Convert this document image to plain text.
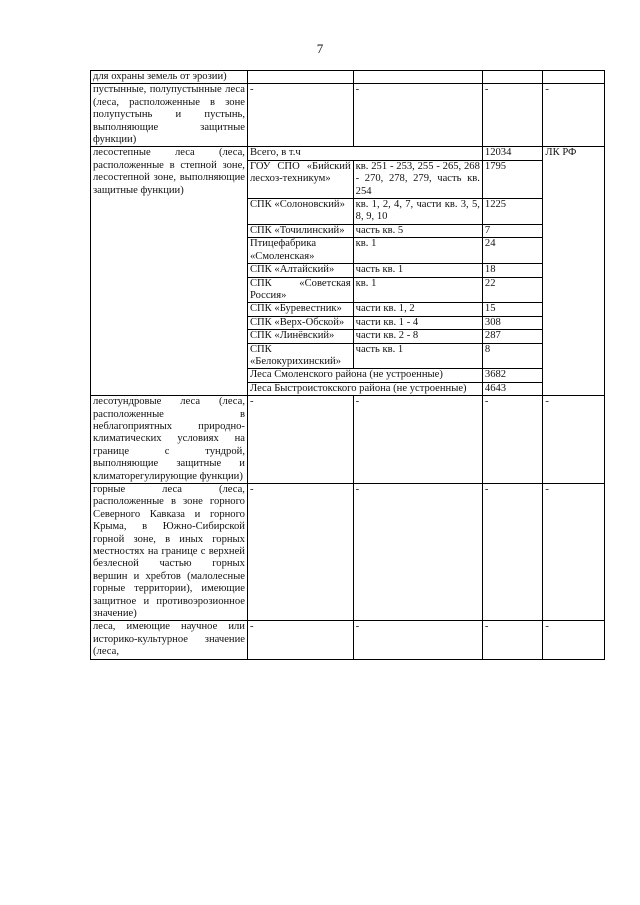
7
для охраны земель от эрозии)				
пустынные, полупустынные леса (леса, расположенные в зоне полупустынь и пустынь, выполняющие защитные функции)	-	-	-	-
лесостепные леса (леса, расположенные в степной зоне, лесостепной зоне, выполняющие защитные функции)	Всего, в т.ч		12034	ЛК РФ
	ГОУ СПО «Бийский лесхоз-техникум»	кв. 251 - 253, 255 - 265, 268 - 270, 278, 279, часть кв. 254	1795	
	СПК «Солоновский»	кв. 1, 2, 4, 7, части кв. 3, 5, 8, 9, 10	1225	
	СПК «Точилинский»	часть кв. 5	7	
	Птицефабрика «Смоленская»	кв. 1	24	
	СПК «Алтайский»	часть кв. 1	18	
	СПК «Советская Россия»	кв. 1	22	
	СПК «Буревестник»	части кв. 1, 2	15	
	СПК «Верх-Обской»	части кв. 1 - 4	308	
	СПК «Линёвский»	части кв. 2 - 8	287	
	СПК «Белокурихинский»	часть кв. 1	8	
	Леса Смоленского района (не устроенные)		3682	
	Леса Быстроистокского района (не устроенные)		4643	
лесотундровые леса (леса, расположенные в неблагоприятных природно-климатических условиях на границе с тундрой, выполняющие защитные и климаторегулирующие функции)	-	-	-	-
горные леса (леса, расположенные в зоне горного Северного Кавказа и горного Крыма, в Южно-Сибирской горной зоне, в иных горных местностях на границе с верхней безлесной частью горных вершин и хребтов (малолесные горные территории), имеющие защитное и противоэрозионное значение)	-	-	-	-
леса, имеющие научное или историко-культурное значение (леса,	-	-	-	-
